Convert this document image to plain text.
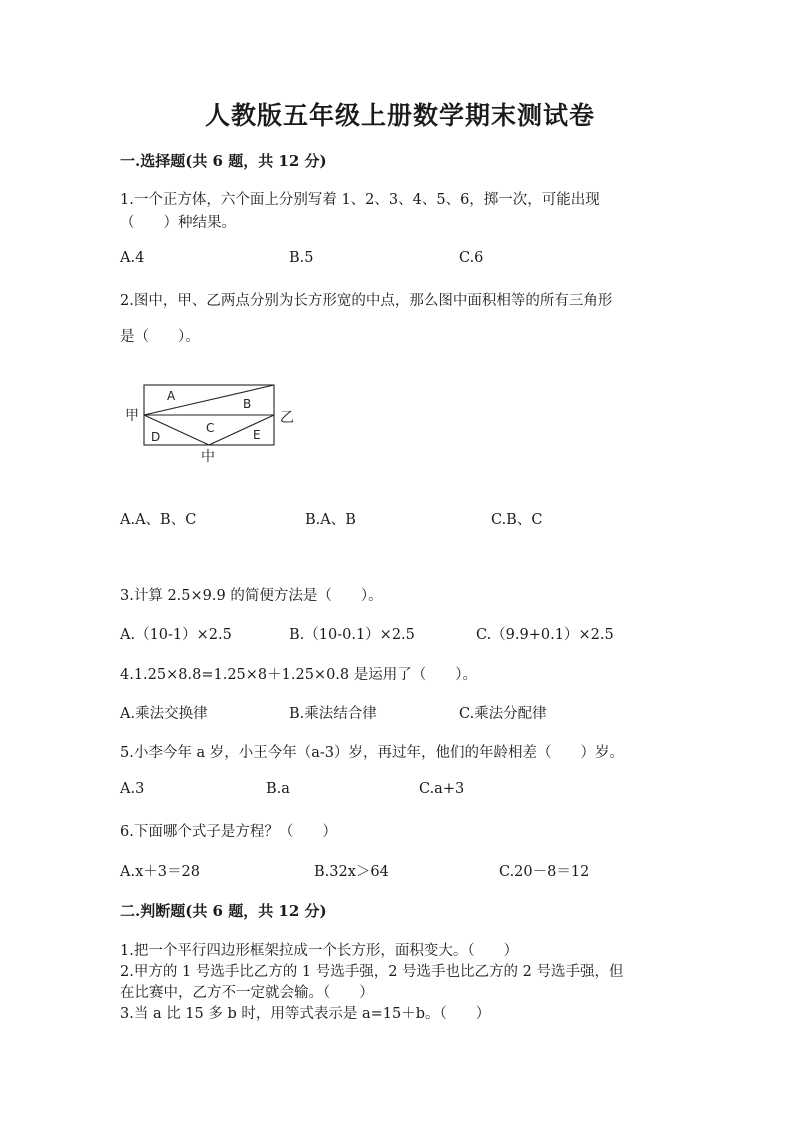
人教版五年级上册数学期末测试卷
一.选择题(共 6 题，共 12 分)
1.一个正方体，六个面上分别写着 1、2、3、4、5、6，掷一次，可能出现
（　　）种结果。
A.4	B.5	C.6
2.图中，甲、乙两点分别为长方形宽的中点，那么图中面积相等的所有三角形
是（　　）。
甲	乙
中
A
B
C
D	E
A.A、B、C	B.A、B	C.B、C
3.计算 2.5×9.9 的简便方法是（　　）。
A.（10-1）×2.5	B.（10-0.1）×2.5	C.（9.9+0.1）×2.5
4.1.25×8.8=1.25×8＋1.25×0.8 是运用了（　　）。
A.乘法交换律	B.乘法结合律	C.乘法分配律
5.小李今年 a 岁，小王今年（a-3）岁，再过年，他们的年龄相差（　　）岁。
A.3	B.a	C.a+3
6.下面哪个式子是方程？（　　）
A.x＋3＝28	B.32x＞64	C.20－8＝12
二.判断题(共 6 题，共 12 分)
1.把一个平行四边形框架拉成一个长方形，面积变大。（　　）
2.甲方的 1 号选手比乙方的 1 号选手强，2 号选手也比乙方的 2 号选手强，但
在比赛中，乙方不一定就会输。（　　）
3.当 a 比 15 多 b 时，用等式表示是 a=15＋b。（　　）
